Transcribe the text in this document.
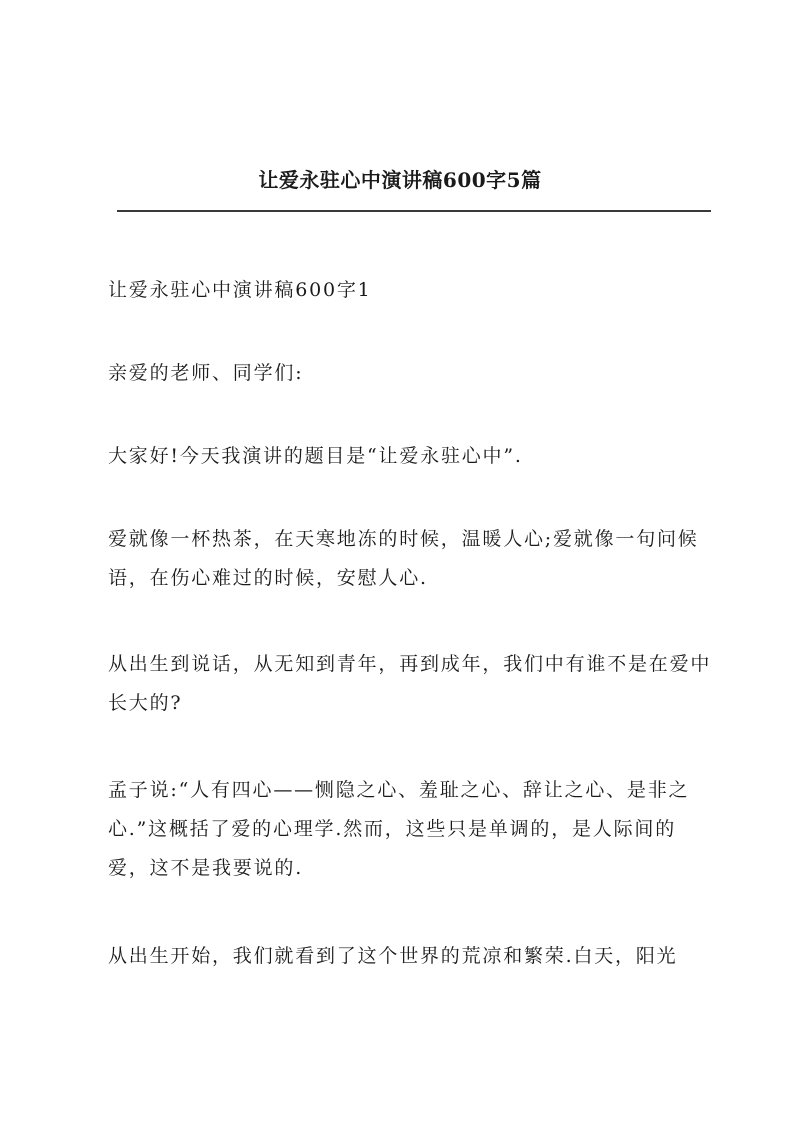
让爱永驻心中演讲稿600字5篇

让爱永驻心中演讲稿600字1

亲爱的老师、同学们:

大家好!今天我演讲的题目是“让爱永驻心中”.

爱就像一杯热茶，在天寒地冻的时候，温暖人心;爱就像一句问候语，在伤心难过的时候，安慰人心.

从出生到说话，从无知到青年，再到成年，我们中有谁不是在爱中长大的?

孟子说:“人有四心——恻隐之心、羞耻之心、辞让之心、是非之心.”这概括了爱的心理学.然而，这些只是单调的，是人际间的爱，这不是我要说的.

从出生开始，我们就看到了这个世界的荒凉和繁荣.白天，阳光
